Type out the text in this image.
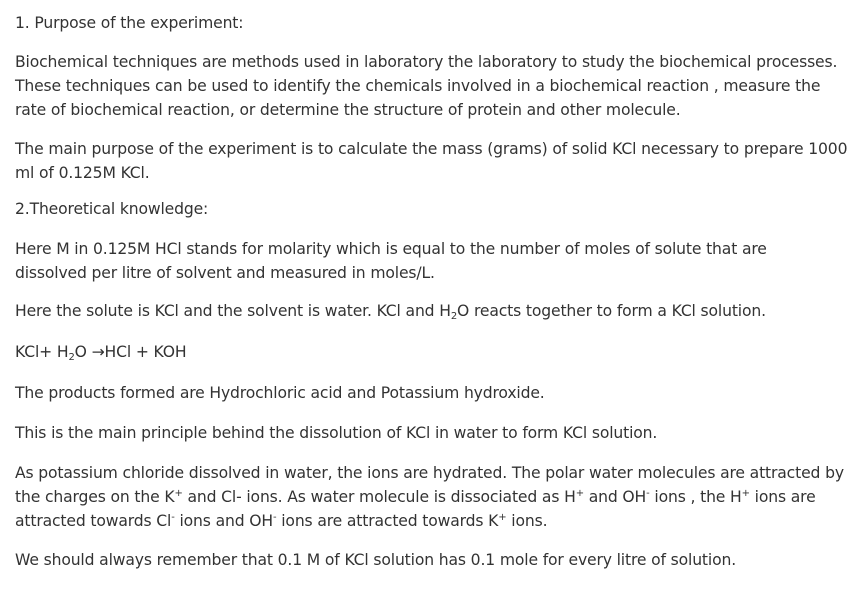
1. Purpose of the experiment:

Biochemical techniques are methods used in laboratory the laboratory to study the biochemical processes.
These techniques can be used to identify the chemicals involved in a biochemical reaction , measure the
rate of biochemical reaction, or determine the structure of protein and other molecule.

The main purpose of the experiment is to calculate the mass (grams) of solid KCl necessary to prepare 1000
ml of 0.125M KCl.

2.Theoretical knowledge:

Here M in 0.125M HCl stands for molarity which is equal to the number of moles of solute that are
dissolved per litre of solvent and measured in moles/L.

Here the solute is KCl and the solvent is water. KCl and $H_2O$ reacts together to form a KCl solution.

$KCl+ H_2O \to HCl$ + KOH

The products formed are Hydrochloric acid and Potassium hydroxide.

This is the main principle behind the dissolution of KCl in water to form KCl solution.

As potassium chloride dissolved in water, the ions are hydrated. The polar water molecules are attracted by
the charges on the K+ and Cl- ions. As water molecule is dissociated as H+ and OH- ions , the H+ ions are
attracted towards Cl- ions and OH- ions are attracted towards K+ ions.

We should always remember that 0.1 M of KCl solution has 0.1 mole for every litre of solution.
